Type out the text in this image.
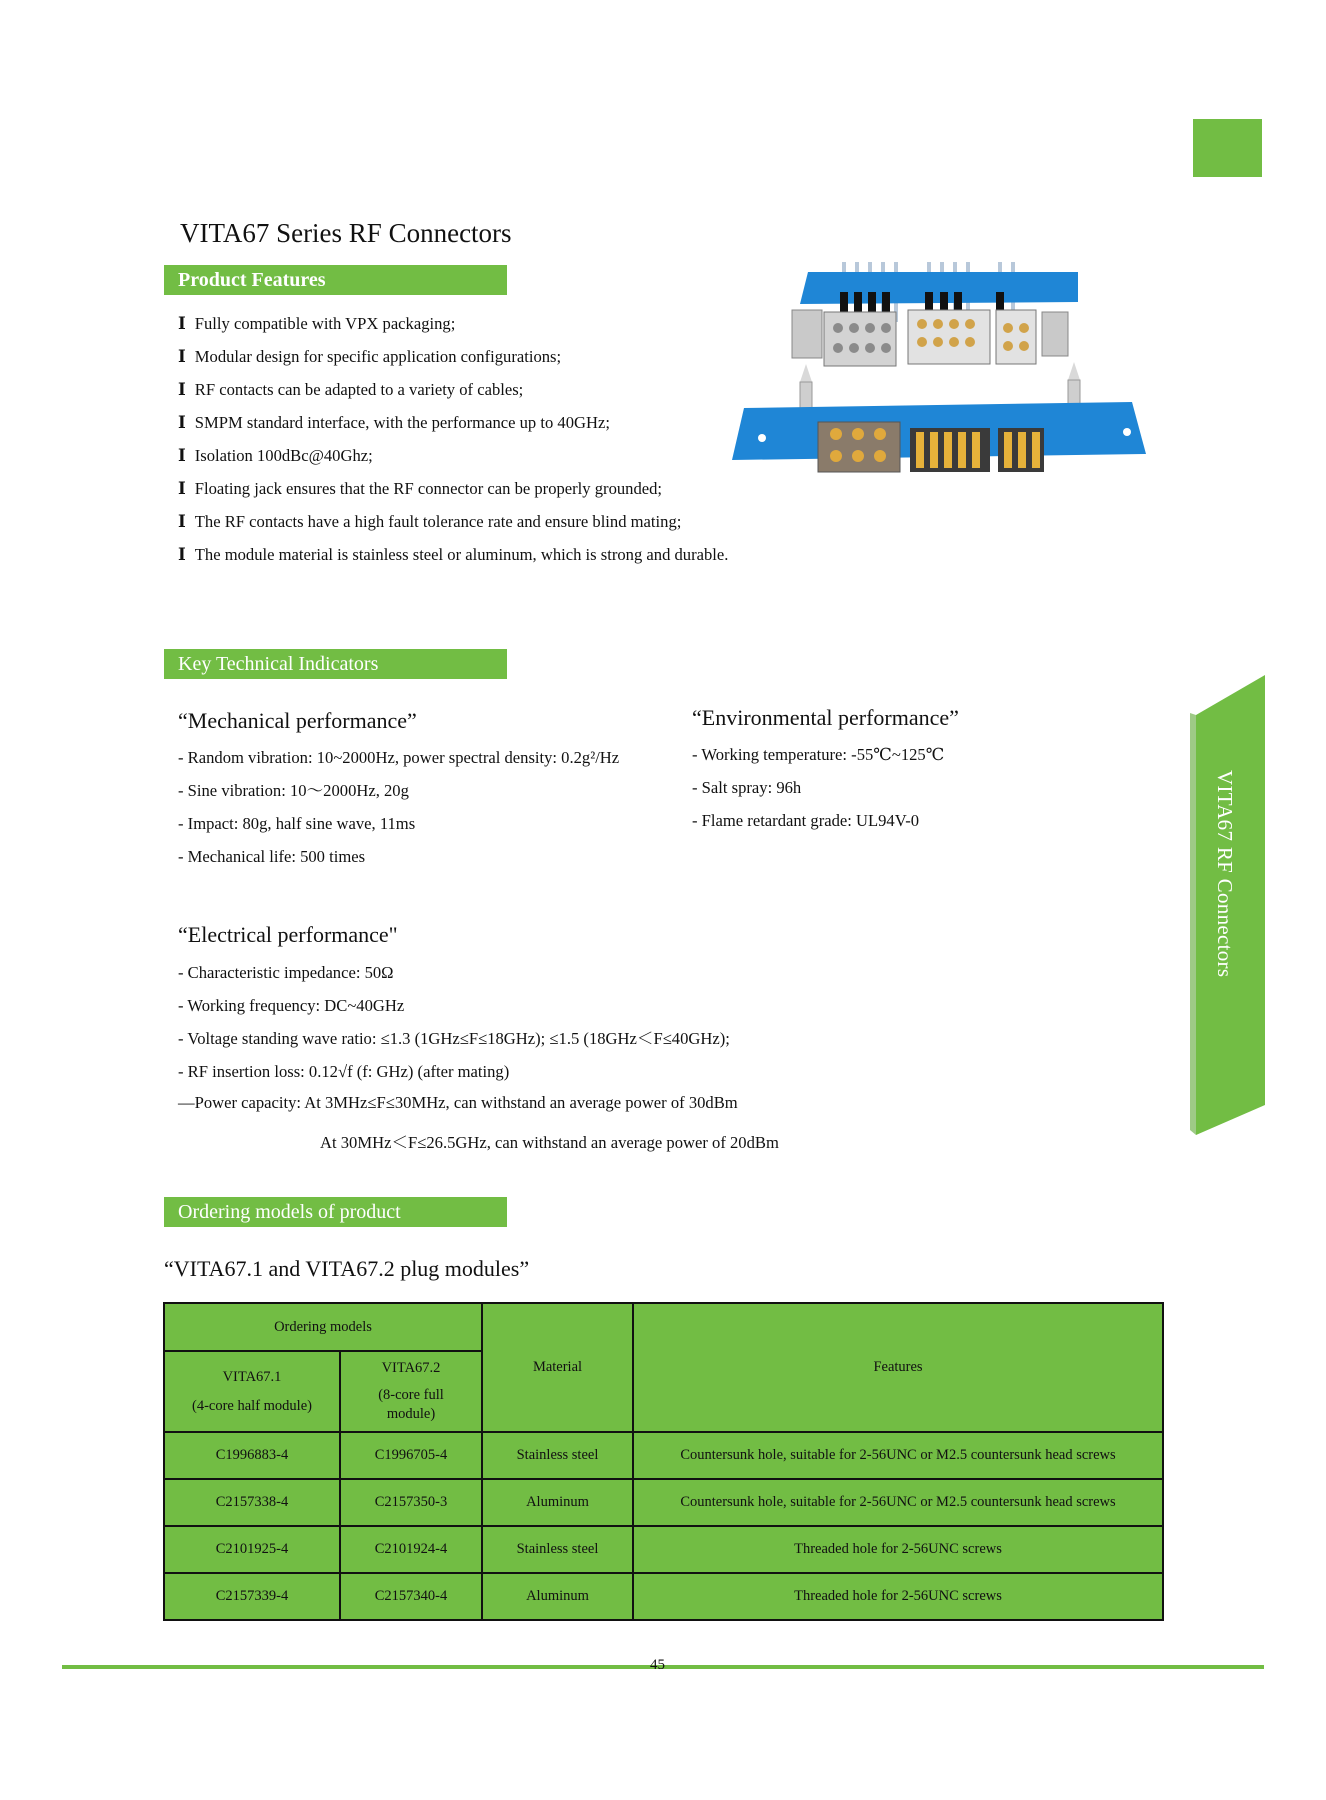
VITA67 Series RF Connectors
Product Features
Ⅰ Fully compatible with VPX packaging;
Ⅰ Modular design for specific application configurations;
Ⅰ RF contacts can be adapted to a variety of cables;
Ⅰ SMPM standard interface, with the performance up to 40GHz;
Ⅰ Isolation 100dBc@40Ghz;
Ⅰ Floating jack ensures that the RF connector can be properly grounded;
Ⅰ The RF contacts have a high fault tolerance rate and ensure blind mating;
Ⅰ The module material is stainless steel or aluminum, which is strong and durable.
Key Technical Indicators
“Mechanical performance”
- Random vibration: 10~2000Hz, power spectral density: 0.2g²/Hz
- Sine vibration: 10～2000Hz, 20g
- Impact: 80g, half sine wave, 11ms
- Mechanical life: 500 times
“Environmental performance”
- Working temperature: -55℃~125℃
- Salt spray: 96h
- Flame retardant grade: UL94V-0
“Electrical performance"
- Characteristic impedance: 50Ω
- Working frequency: DC~40GHz
- Voltage standing wave ratio: ≤1.3 (1GHz≤F≤18GHz); ≤1.5 (18GHz＜F≤40GHz);
- RF insertion loss: 0.12√f (f: GHz) (after mating)
—Power capacity: At 3MHz≤F≤30MHz, can withstand an average power of 30dBm
At 30MHz＜F≤26.5GHz, can withstand an average power of 20dBm
Ordering models of product
“VITA67.1 and VITA67.2 plug modules”
Ordering models		Material	Features

VITA67.1
(4-core half module)	VITA67.2
(8-core full
module)		

C1996883-4	C1996705-4	Stainless steel	Countersunk hole, suitable for 2-56UNC or M2.5 countersunk head screws
C2157338-4	C2157350-3	Aluminum	Countersunk hole, suitable for 2-56UNC or M2.5 countersunk head screws
C2101925-4	C2101924-4	Stainless steel	Threaded hole for 2-56UNC screws
C2157339-4	C2157340-4	Aluminum	Threaded hole for 2-56UNC screws
VITA67 RF Connectors
45
